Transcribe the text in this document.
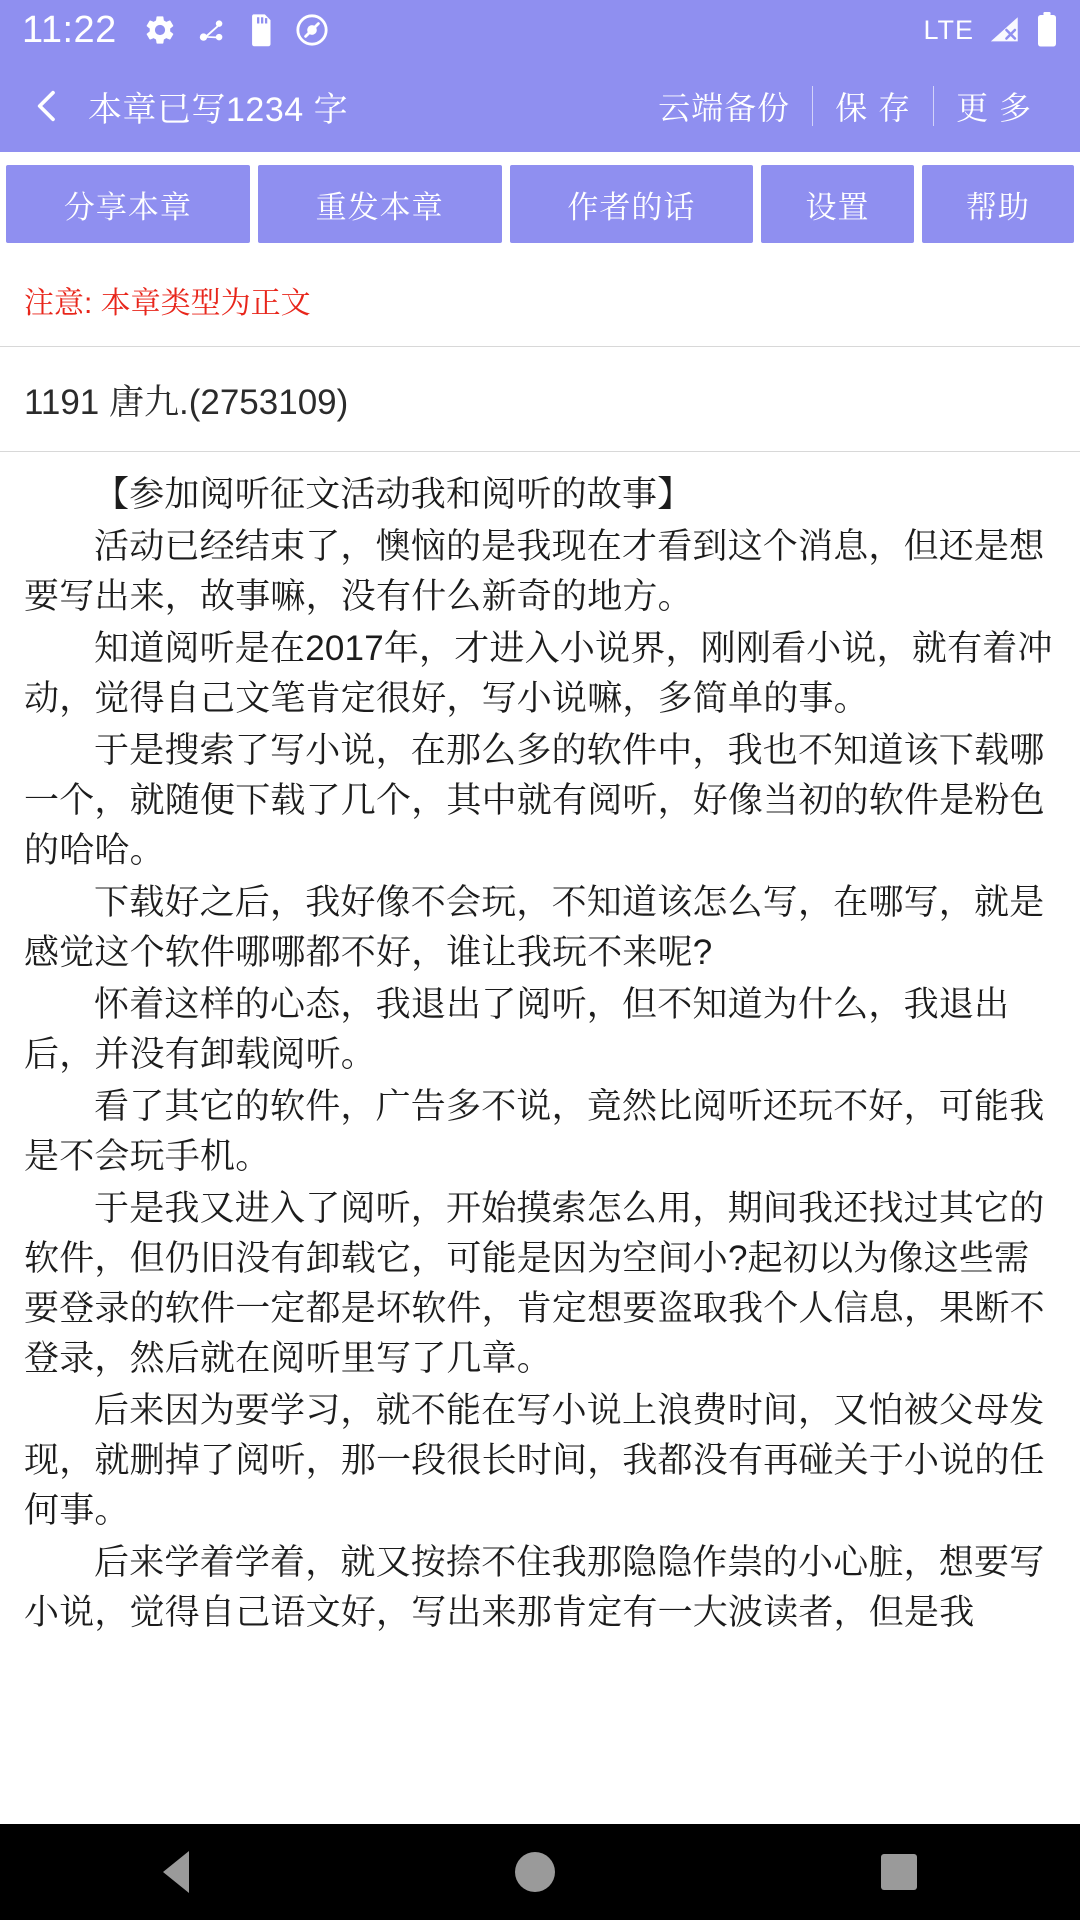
11:22	LTE
本章已写1234 字	云端备份	保 存	更 多
分享本章	重发本章	作者的话	设置	帮助
注意: 本章类型为正文
1191 唐九.(2753109)

【参加阅听征文活动我和阅听的故事】

活动已经结束了，懊恼的是我现在才看到这个消息，但还是想要写出来，故事嘛，没有什么新奇的地方。

知道阅听是在2017年，才进入小说界，刚刚看小说，就有着冲动，觉得自己文笔肯定很好，写小说嘛，多简单的事。

于是搜索了写小说，在那么多的软件中，我也不知道该下载哪一个，就随便下载了几个，其中就有阅听，好像当初的软件是粉色的哈哈。

下载好之后，我好像不会玩，不知道该怎么写，在哪写，就是感觉这个软件哪哪都不好，谁让我玩不来呢?

怀着这样的心态，我退出了阅听，但不知道为什么，我退出后，并没有卸载阅听。

看了其它的软件，广告多不说，竟然比阅听还玩不好，可能我是不会玩手机。

于是我又进入了阅听，开始摸索怎么用，期间我还找过其它的软件，但仍旧没有卸载它，可能是因为空间小?起初以为像这些需要登录的软件一定都是坏软件，肯定想要盗取我个人信息，果断不登录，然后就在阅听里写了几章。

后来因为要学习，就不能在写小说上浪费时间，又怕被父母发现，就删掉了阅听，那一段很长时间，我都没有再碰关于小说的任何事。

后来学着学着，就又按捺不住我那隐隐作祟的小心脏，想要写小说，觉得自己语文好，写出来那肯定有一大波读者，但是我
